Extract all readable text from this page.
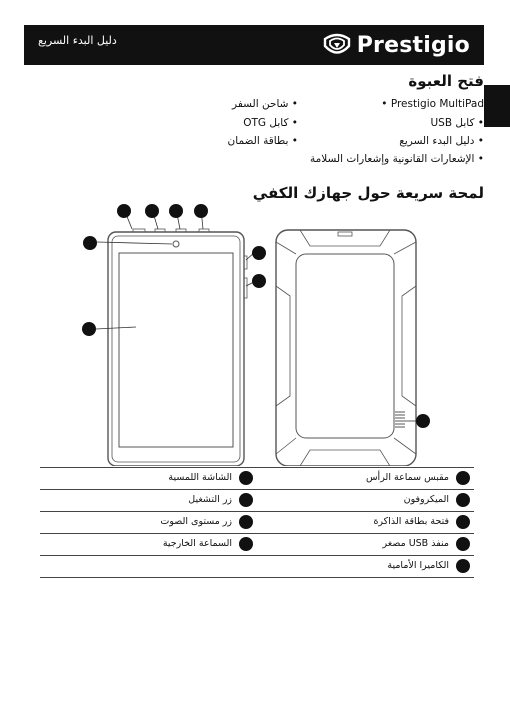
دليل البدء السريع	Prestigio
فتح العبوة
Prestigio MultiPad •
• شاحن السفر
• كابل USB
• كابل OTG
• دليل البدء السريع
• بطاقة الضمان
• الإشعارات القانونية وإشعارات السلامة
لمحة سريعة حول جهازك الكفي
مقبس سماعة الرأس
الشاشة اللمسية
الميكروفون
زر التشغيل
فتحة بطاقة الذاكرة
زر مستوى الصوت
منفذ USB مصغر
السماعة الخارجية
الكاميرا الأمامية
